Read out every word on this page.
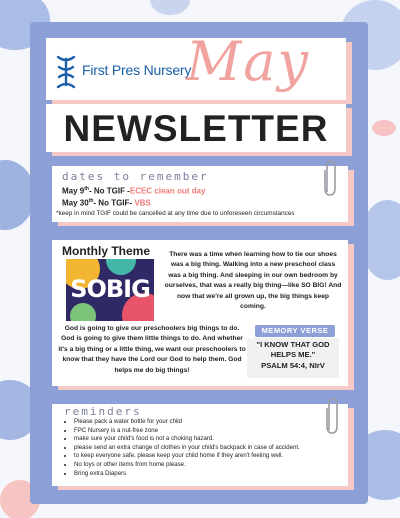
First Pres Nursery
May
NEWSLETTER
dates to remember
May 9th- No TGIF -ECEC clean out day
May 30th- No TGIF- VBS
*keep in mind TGIF could be cancelled at any time due to unforeseen circumstances
Monthly Theme
SOBIG
There was a time when learning how to tie our shoes was a big thing. Walking into a new preschool class was a big thing. And sleeping in our own bedroom by ourselves, that was a really big thing—like SO BIG! And now that we're all grown up, the big things keep coming.
God is going to give our preschoolers big things to do. God is going to give them little things to do. And whether it's a big thing or a little thing, we want our preschoolers to know that they have the Lord our God to help them. God helps me do big things!
MEMORY VERSE
"I KNOW THAT GOD HELPS ME."
PSALM 54:4, NIrV
reminders
• Please pack a water bottle for your child
• FPC Nursery is a nut-free zone
• make sure your child's food is not a choking hazard.
• please send an extra change of clothes in your child's backpack in case of accident.
• to keep everyone safe, please keep your child home if they aren't feeling well.
• No toys or other items from home please.
• Bring extra Diapers
